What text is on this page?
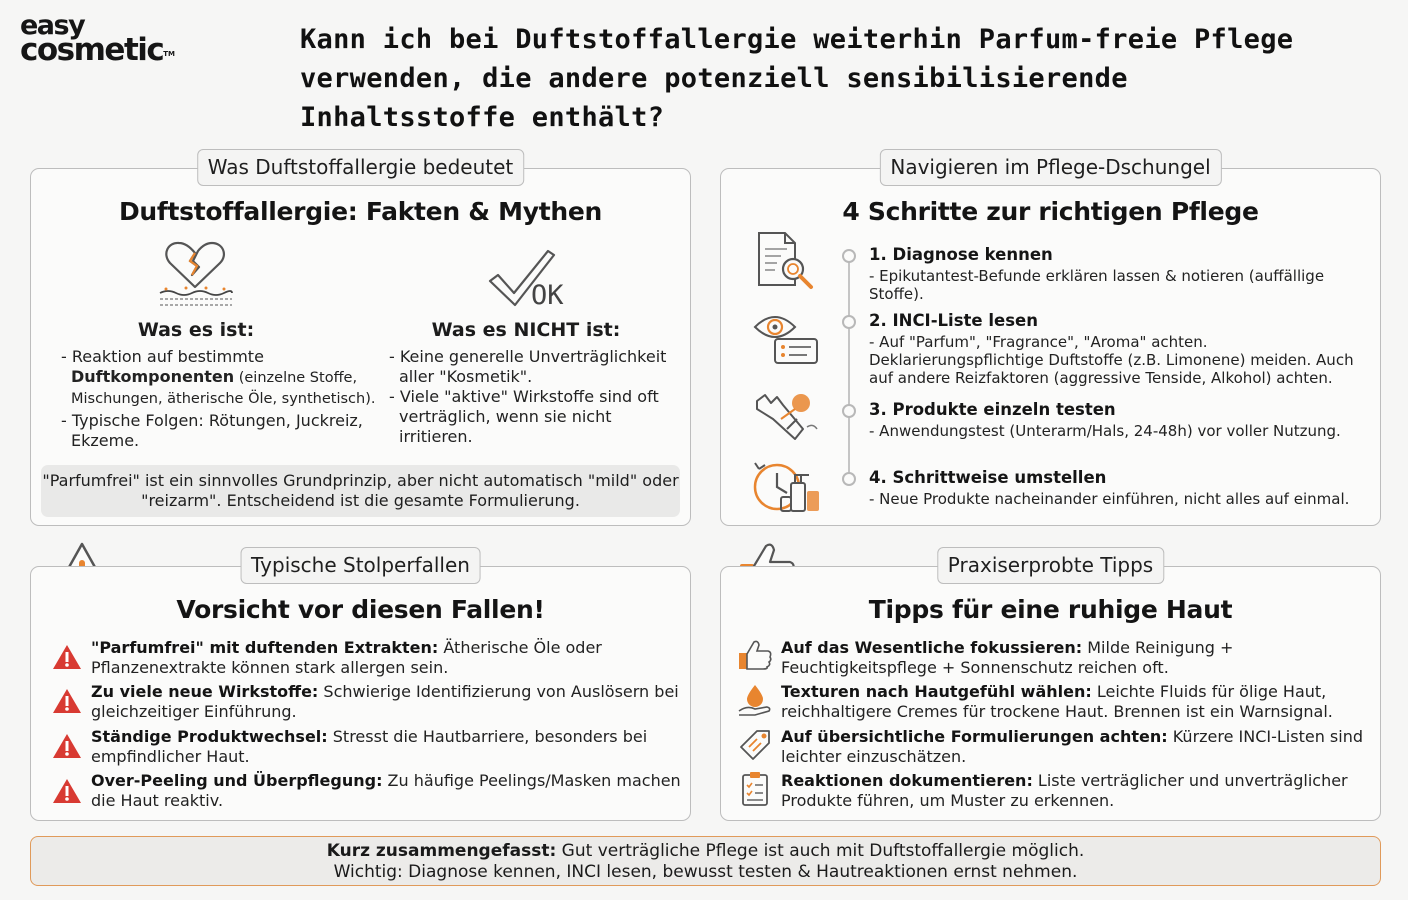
easy
cosmetic™	Kann ich bei Duftstoffallergie weiterhin Parfum-freie Pflege verwenden, die andere potenziell sensibilisierende Inhaltsstoffe enthält?
Was Duftstoffallergie bedeutet
Duftstoffallergie: Fakten & Mythen
Was es ist:
- Reaktion auf bestimmte Duftkomponenten (einzelne Stoffe, Mischungen, ätherische Öle, synthetisch).
- Typische Folgen: Rötungen, Juckreiz, Ekzeme.
OK
Was es NICHT ist:
- Keine generelle Unverträglichkeit aller "Kosmetik".
- Viele "aktive" Wirkstoffe sind oft verträglich, wenn sie nicht irritieren.
"Parfumfrei" ist ein sinnvolles Grundprinzip, aber nicht automatisch "mild" oder "reizarm". Entscheidend ist die gesamte Formulierung.
Navigieren im Pflege-Dschungel
4 Schritte zur richtigen Pflege
1. Diagnose kennen
- Epikutantest-Befunde erklären lassen & notieren (auffällige Stoffe).
2. INCI-Liste lesen
- Auf "Parfum", "Fragrance", "Aroma" achten. Deklarierungspflichtige Duftstoffe (z.B. Limonene) meiden. Auch auf andere Reizfaktoren (aggressive Tenside, Alkohol) achten.
3. Produkte einzeln testen
- Anwendungstest (Unterarm/Hals, 24-48h) vor voller Nutzung.
4. Schrittweise umstellen
- Neue Produkte nacheinander einführen, nicht alles auf einmal.
Typische Stolperfallen
Vorsicht vor diesen Fallen!
"Parfumfrei" mit duftenden Extrakten: Ätherische Öle oder Pflanzenextrakte können stark allergen sein.
Zu viele neue Wirkstoffe: Schwierige Identifizierung von Auslösern bei gleichzeitiger Einführung.
Ständige Produktwechsel: Stresst die Hautbarriere, besonders bei empfindlicher Haut.
Over-Peeling und Überpflegung: Zu häufige Peelings/Masken machen die Haut reaktiv.
Praxiserprobte Tipps
Tipps für eine ruhige Haut
Auf das Wesentliche fokussieren: Milde Reinigung + Feuchtigkeitspflege + Sonnenschutz reichen oft.
Texturen nach Hautgefühl wählen: Leichte Fluids für ölige Haut, reichhaltigere Cremes für trockene Haut. Brennen ist ein Warnsignal.
Auf übersichtliche Formulierungen achten: Kürzere INCI-Listen sind leichter einzuschätzen.
Reaktionen dokumentieren: Liste verträglicher und unverträglicher Produkte führen, um Muster zu erkennen.
Kurz zusammengefasst: Gut verträgliche Pflege ist auch mit Duftstoffallergie möglich.
Wichtig: Diagnose kennen, INCI lesen, bewusst testen & Hautreaktionen ernst nehmen.
